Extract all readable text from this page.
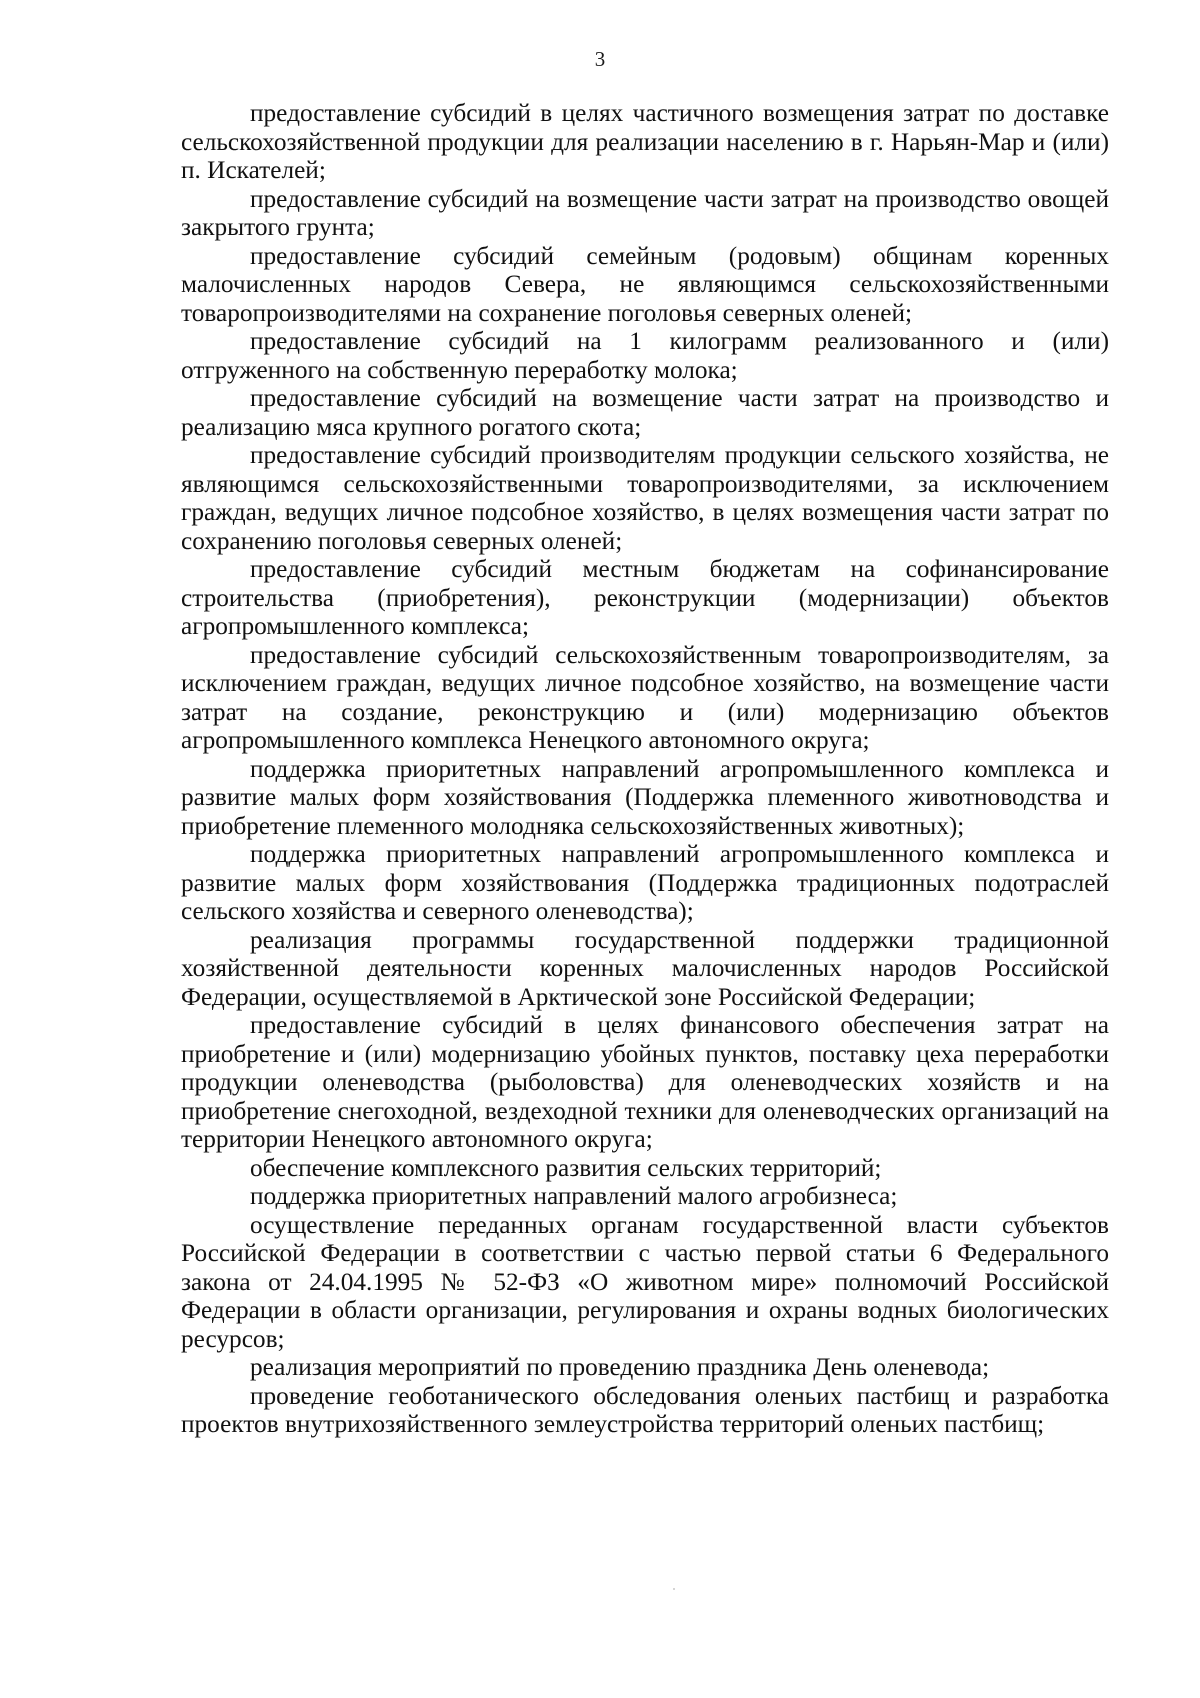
3

предоставление субсидий в целях частичного возмещения затрат по доставке сельскохозяйственной продукции для реализации населению в г. Нарьян-Мар и (или) п. Искателей;

предоставление субсидий на возмещение части затрат на производство овощей закрытого грунта;

предоставление субсидий семейным (родовым) общинам коренных малочисленных народов Севера, не являющимся сельскохозяйственными товаропроизводителями на сохранение поголовья северных оленей;

предоставление субсидий на 1 килограмм реализованного и (или) отгруженного на собственную переработку молока;

предоставление субсидий на возмещение части затрат на производство и реализацию мяса крупного рогатого скота;

предоставление субсидий производителям продукции сельского хозяйства, не являющимся сельскохозяйственными товаропроизводителями, за исключением граждан, ведущих личное подсобное хозяйство, в целях возмещения части затрат по сохранению поголовья северных оленей;

предоставление субсидий местным бюджетам на софинансирование строительства (приобретения), реконструкции (модернизации) объектов агропромышленного комплекса;

предоставление субсидий сельскохозяйственным товаропроизводителям, за исключением граждан, ведущих личное подсобное хозяйство, на возмещение части затрат на создание, реконструкцию и (или) модернизацию объектов агропромышленного комплекса Ненецкого автономного округа;

поддержка приоритетных направлений агропромышленного комплекса и развитие малых форм хозяйствования (Поддержка племенного животноводства и приобретение племенного молодняка сельскохозяйственных животных);

поддержка приоритетных направлений агропромышленного комплекса и развитие малых форм хозяйствования (Поддержка традиционных подотраслей сельского хозяйства и северного оленеводства);

реализация программы государственной поддержки традиционной хозяйственной деятельности коренных малочисленных народов Российской Федерации, осуществляемой в Арктической зоне Российской Федерации;

предоставление субсидий в целях финансового обеспечения затрат на приобретение и (или) модернизацию убойных пунктов, поставку цеха переработки продукции оленеводства (рыболовства) для оленеводческих хозяйств и на приобретение снегоходной, вездеходной техники для оленеводческих организаций на территории Ненецкого автономного округа;

обеспечение комплексного развития сельских территорий;

поддержка приоритетных направлений малого агробизнеса;

осуществление переданных органам государственной власти субъектов Российской Федерации в соответствии с частью первой статьи 6 Федерального закона от 24.04.1995 № 52-ФЗ «О животном мире» полномочий Российской Федерации в области организации, регулирования и охраны водных биологических ресурсов;

реализация мероприятий по проведению праздника День оленевода;

проведение геоботанического обследования оленьих пастбищ и разработка проектов внутрихозяйственного землеустройства территорий оленьих пастбищ;
